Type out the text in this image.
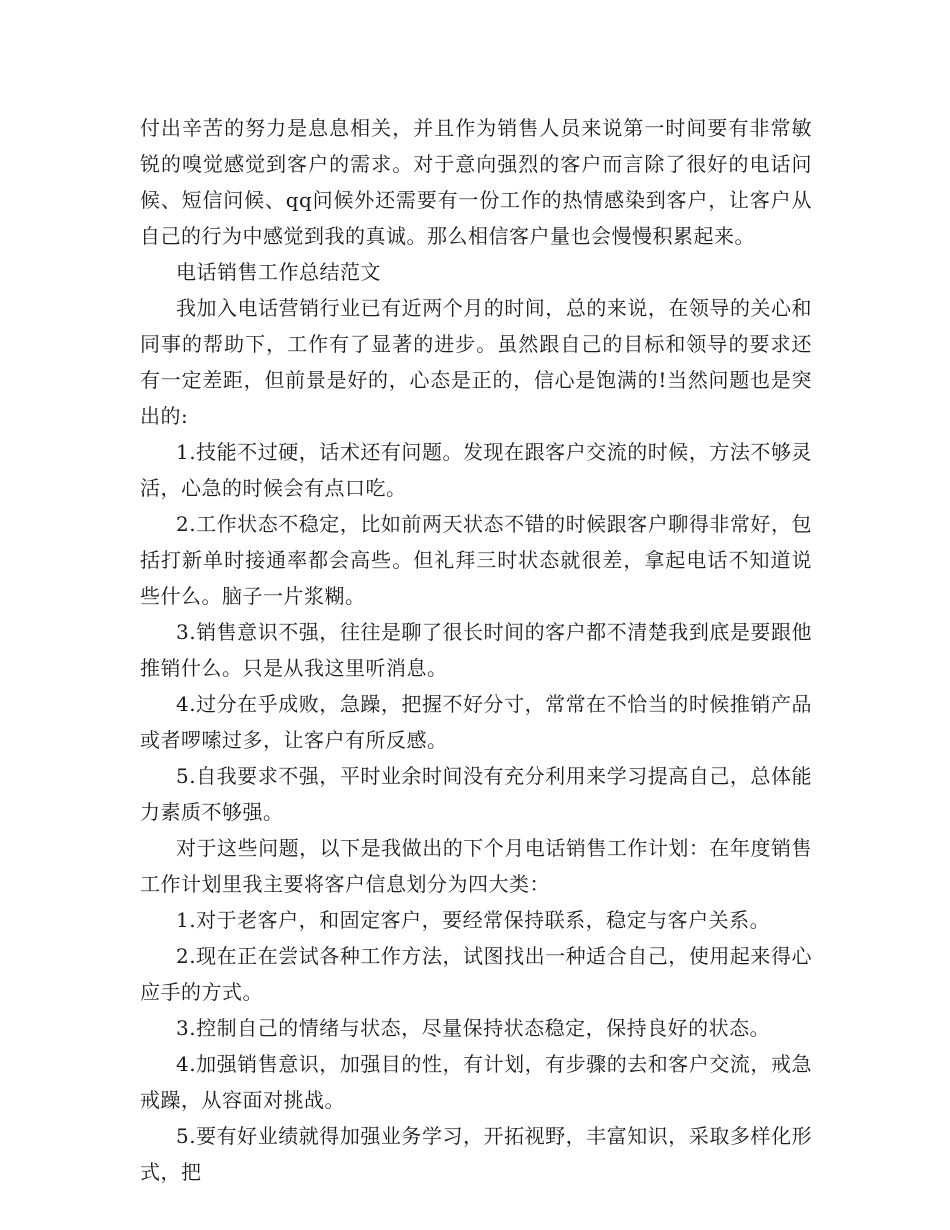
付出辛苦的努力是息息相关，并且作为销售人员来说第一时间要有非常敏锐的嗅觉感觉到客户的需求。对于意向强烈的客户而言除了很好的电话问候、短信问候、qq问候外还需要有一份工作的热情感染到客户，让客户从自己的行为中感觉到我的真诚。那么相信客户量也会慢慢积累起来。

电话销售工作总结范文

我加入电话营销行业已有近两个月的时间，总的来说，在领导的关心和同事的帮助下，工作有了显著的进步。虽然跟自己的目标和领导的要求还有一定差距，但前景是好的，心态是正的，信心是饱满的!当然问题也是突出的:

1.技能不过硬，话术还有问题。发现在跟客户交流的时候，方法不够灵活，心急的时候会有点口吃。

2.工作状态不稳定，比如前两天状态不错的时候跟客户聊得非常好，包括打新单时接通率都会高些。但礼拜三时状态就很差，拿起电话不知道说些什么。脑子一片浆糊。

3.销售意识不强，往往是聊了很长时间的客户都不清楚我到底是要跟他推销什么。只是从我这里听消息。

4.过分在乎成败，急躁，把握不好分寸，常常在不恰当的时候推销产品或者啰嗦过多，让客户有所反感。

5.自我要求不强，平时业余时间没有充分利用来学习提高自己，总体能力素质不够强。

对于这些问题，以下是我做出的下个月电话销售工作计划：在年度销售工作计划里我主要将客户信息划分为四大类：

1.对于老客户，和固定客户，要经常保持联系，稳定与客户关系。

2.现在正在尝试各种工作方法，试图找出一种适合自己，使用起来得心应手的方式。

3.控制自己的情绪与状态，尽量保持状态稳定，保持良好的状态。

4.加强销售意识，加强目的性，有计划，有步骤的去和客户交流，戒急戒躁，从容面对挑战。

5.要有好业绩就得加强业务学习，开拓视野，丰富知识，采取多样化形式，把
